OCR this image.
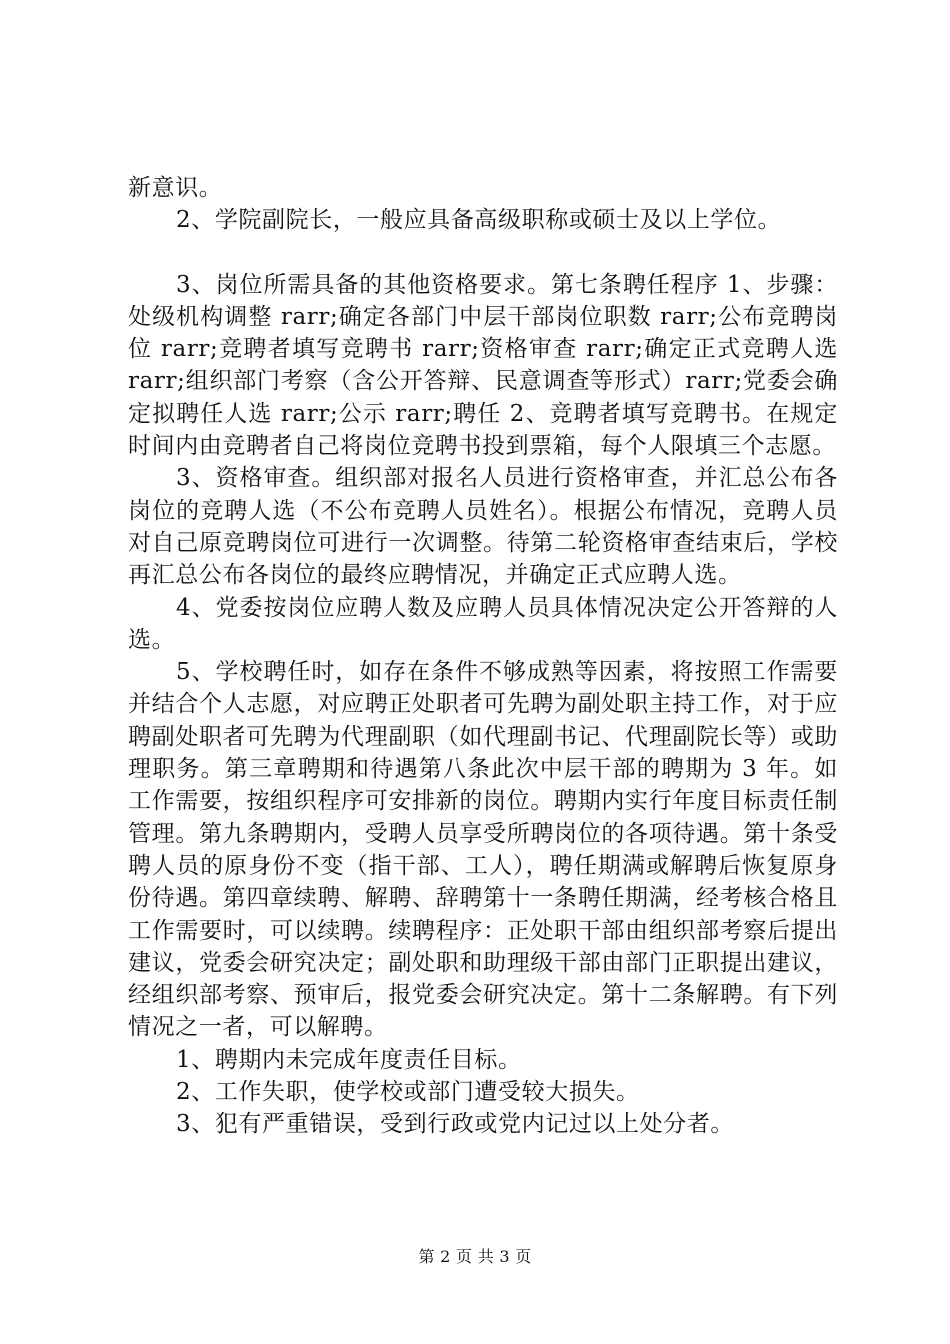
新意识。

2、学院副院长，一般应具备高级职称或硕士及以上学位。

3、岗位所需具备的其他资格要求。第七条聘任程序 1、步骤：处级机构调整 rarr;确定各部门中层干部岗位职数 rarr;公布竞聘岗位 rarr;竞聘者填写竞聘书 rarr;资格审查 rarr;确定正式竞聘人选 rarr;组织部门考察（含公开答辩、民意调查等形式）rarr;党委会确定拟聘任人选 rarr;公示 rarr;聘任 2、竞聘者填写竞聘书。在规定时间内由竞聘者自己将岗位竞聘书投到票箱，每个人限填三个志愿。

3、资格审查。组织部对报名人员进行资格审查，并汇总公布各岗位的竞聘人选（不公布竞聘人员姓名）。根据公布情况，竞聘人员对自己原竞聘岗位可进行一次调整。待第二轮资格审查结束后，学校再汇总公布各岗位的最终应聘情况，并确定正式应聘人选。

4、党委按岗位应聘人数及应聘人员具体情况决定公开答辩的人选。

5、学校聘任时，如存在条件不够成熟等因素，将按照工作需要并结合个人志愿，对应聘正处职者可先聘为副处职主持工作，对于应聘副处职者可先聘为代理副职（如代理副书记、代理副院长等）或助理职务。第三章聘期和待遇第八条此次中层干部的聘期为 3 年。如工作需要，按组织程序可安排新的岗位。聘期内实行年度目标责任制管理。第九条聘期内，受聘人员享受所聘岗位的各项待遇。第十条受聘人员的原身份不变（指干部、工人），聘任期满或解聘后恢复原身份待遇。第四章续聘、解聘、辞聘第十一条聘任期满，经考核合格且工作需要时，可以续聘。续聘程序：正处职干部由组织部考察后提出建议，党委会研究决定；副处职和助理级干部由部门正职提出建议，经组织部考察、预审后，报党委会研究决定。第十二条解聘。有下列情况之一者，可以解聘。

1、聘期内未完成年度责任目标。

2、工作失职，使学校或部门遭受较大损失。

3、犯有严重错误，受到行政或党内记过以上处分者。

第 2 页 共 3 页
